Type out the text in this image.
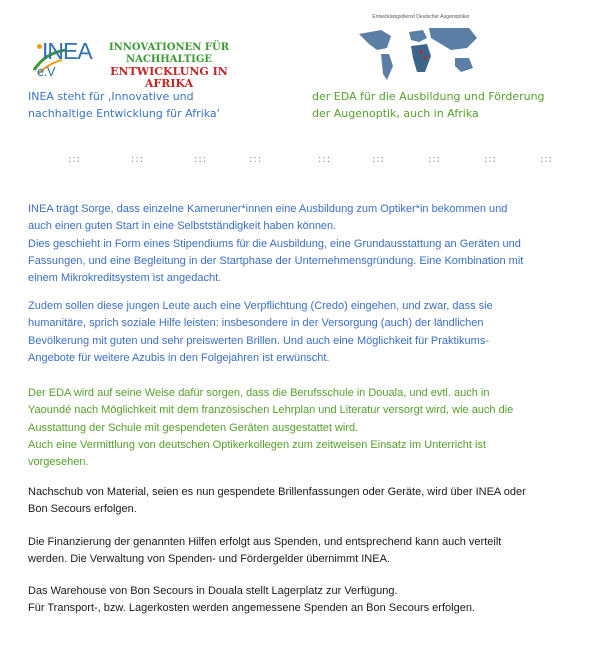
INEA
e.V
INNOVATIONEN FÜR
NACHHALTIGE
ENTWICKLUNG IN AFRIKA
Entwicklungsdienst Deutscher Augenoptiker
INEA steht für ‚Innovative und
nachhaltige Entwicklung für Afrika‘
der EDA für die Ausbildung und Förderung
der Augenoptik, auch in Afrika
:::	:::	:::	:::	:::	:::	:::	:::	:::
INEA trägt Sorge, dass einzelne Kameruner*innen eine Ausbildung zum Optiker*in bekommen und
auch einen guten Start in eine Selbstständigkeit haben können.
Dies geschieht in Form eines Stipendiums für die Ausbildung, eine Grundausstattung an Geräten und
Fassungen, und eine Begleitung in der Startphase der Unternehmensgründung. Eine Kombination mit
einem Mikrokreditsystem ist angedacht.
Zudem sollen diese jungen Leute auch eine Verpflichtung (Credo) eingehen, und zwar, dass sie
humanitäre, sprich soziale Hilfe leisten: insbesondere in der Versorgung (auch) der ländlichen
Bevölkerung mit guten und sehr preiswerten Brillen. Und auch eine Möglichkeit für Praktikums-
Angebote für weitere Azubis in den Folgejahren ist erwünscht.
Der EDA wird auf seine Weise dafür sorgen, dass die Berufsschule in Douala, und evtl. auch in
Yaoundé nach Möglichkeit mit dem französischen Lehrplan und Literatur versorgt wird, wie auch die
Ausstattung der Schule mit gespendeten Geräten ausgestattet wird.
Auch eine Vermittlung von deutschen Optikerkollegen zum zeitweisen Einsatz im Unterricht ist
vorgesehen.
Nachschub von Material, seien es nun gespendete Brillenfassungen oder Geräte, wird über INEA oder
Bon Secours erfolgen.
Die Finanzierung der genannten Hilfen erfolgt aus Spenden, und entsprechend kann auch verteilt
werden. Die Verwaltung von Spenden- und Fördergelder übernimmt INEA.
Das Warehouse von Bon Secours in Douala stellt Lagerplatz zur Verfügung.
Für Transport-, bzw. Lagerkosten werden angemessene Spenden an Bon Secours erfolgen.
